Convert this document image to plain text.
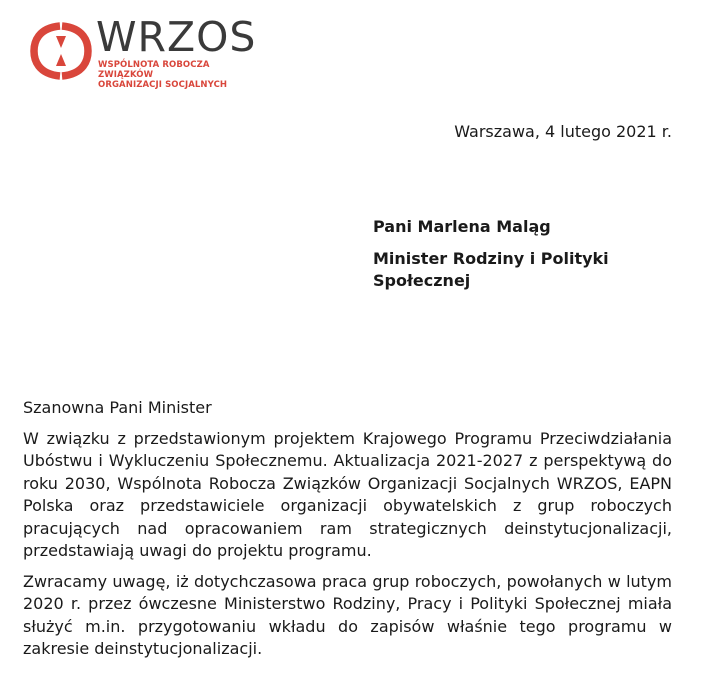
WRZOS
WSPÓLNOTA ROBOCZA ZWIĄZKÓW
ORGANIZACJI SOCJALNYCH
Warszawa, 4 lutego 2021 r.
Pani Marlena Maląg
Minister Rodziny i Polityki
Społecznej
Szanowna Pani Minister

W związku z przedstawionym projektem Krajowego Programu Przeciwdziałania Ubóstwu i Wykluczeniu Społecznemu. Aktualizacja 2021-2027 z perspektywą do roku 2030, Wspólnota Robocza Związków Organizacji Socjalnych WRZOS, EAPN Polska oraz przedstawiciele organizacji obywatelskich z grup roboczych pracujących nad opracowaniem ram strategicznych deinstytucjonalizacji, przedstawiają uwagi do projektu programu.

Zwracamy uwagę, iż dotychczasowa praca grup roboczych, powołanych w lutym 2020 r. przez ówczesne Ministerstwo Rodziny, Pracy i Polityki Społecznej miała służyć m.in. przygotowaniu wkładu do zapisów właśnie tego programu w zakresie deinstytucjonalizacji.
